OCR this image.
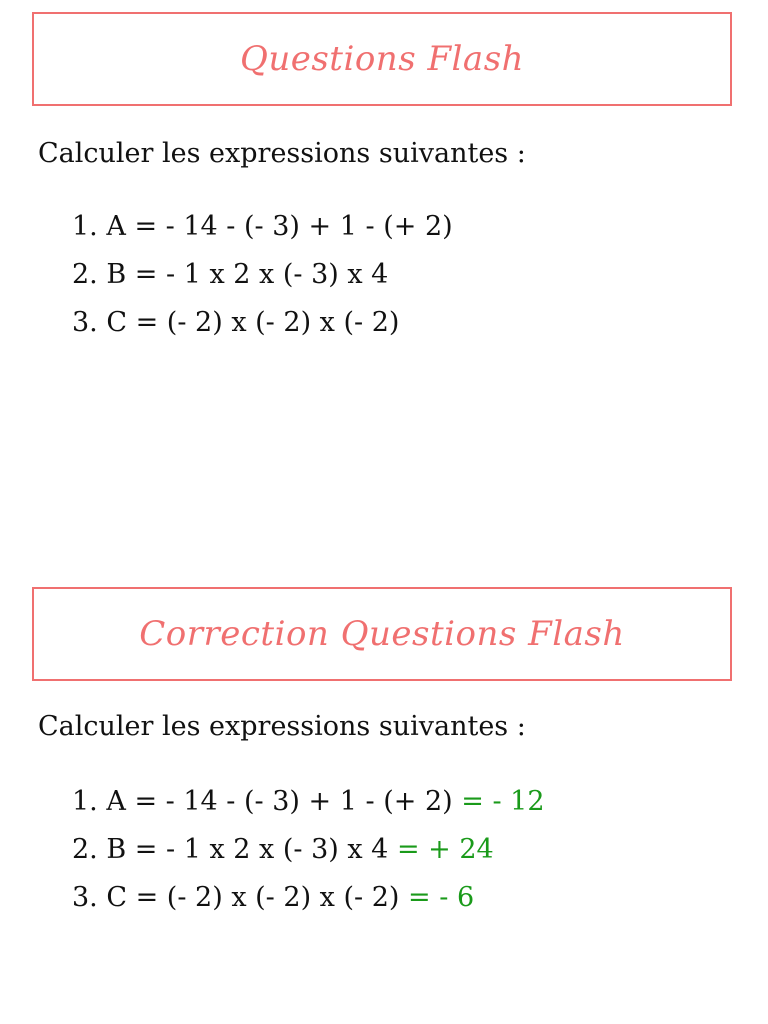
Questions Flash

Calculer les expressions suivantes :

1. A = - 14 - (- 3) + 1 - (+ 2)
2. B = - 1 x 2 x (- 3) x 4
3. C = (- 2) x (- 2) x (- 2)
Correction Questions Flash

Calculer les expressions suivantes :

1. A = - 14 - (- 3) + 1 - (+ 2) = - 12
2. B = - 1 x 2 x (- 3) x 4 = + 24
3. C = (- 2) x (- 2) x (- 2) = - 6
